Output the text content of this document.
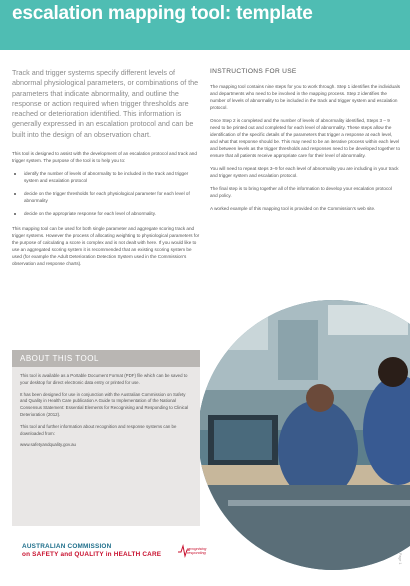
escalation mapping tool: template

Track and trigger systems specify different levels of abnormal physiological parameters, or combinations of the parameters that indicate abnormality, and outline the response or action required when trigger thresholds are reached or deterioration identified. This information is generally expressed in an escalation protocol and can be built into the design of an observation chart.

This tool is designed to assist with the development of an escalation protocol and track and trigger system. The purpose of the tool is to help you to:

identify the number of levels of abnormality to be included in the track and trigger system and escalation protocol
decide on the trigger thresholds for each physiological parameter for each level of abnormality
decide on the appropriate response for each level of abnormality.

This mapping tool can be used for both single parameter and aggregate scoring track and trigger systems. However the process of allocating weighting to physiological parameters for the purpose of calculating a score is complex and is not dealt with here. If you would like to use an aggregated scoring system it is recommended that an existing scoring system be used (for example the Adult Deterioration Detection System used in the Commission’s observation and response charts).

INSTRUCTIONS FOR USE

The mapping tool contains nine steps for you to work through. Step 1 identifies the individuals and departments who need to be involved in the mapping process. Step 2 identifies the number of levels of abnormality to be included in the track and trigger system and escalation protocol.

Once Step 2 is completed and the number of levels of abnormality identified, Steps 3 – 9 need to be printed out and completed for each level of abnormality. These steps allow the identification of the specific details of the parameters that trigger a response at each level, and what that response should be. This may need to be an iterative process within each level and between levels as the trigger thresholds and responses need to be developed together to ensure that all patients receive appropriate care for their level of abnormality.

You will need to repeat steps 3–9 for each level of abnormality you are including in your track and trigger system and escalation protocol.

The final step is to bring together all of the information to develop your escalation protocol and policy.

A worked example of this mapping tool is provided on the Commission’s web site.

ABOUT THIS TOOL

This tool is available as a Portable Document Format (PDF) file which can be saved to your desktop for direct electronic data entry or printed for use.

It has been designed for use in conjunction with the Australian Commission on Safety and Quality in Health Care publication A Guide to Implementation of the National Consensus Statement: Essential Elements for Recognising and Responding to Clinical Deterioration (2012).

This tool and further information about recognition and response systems can be downloaded from:

www.safetyandquality.gov.au

AUSTRALIAN COMMISSION
on SAFETY and QUALITY in HEALTH CARE
recognising responding	Page 1
